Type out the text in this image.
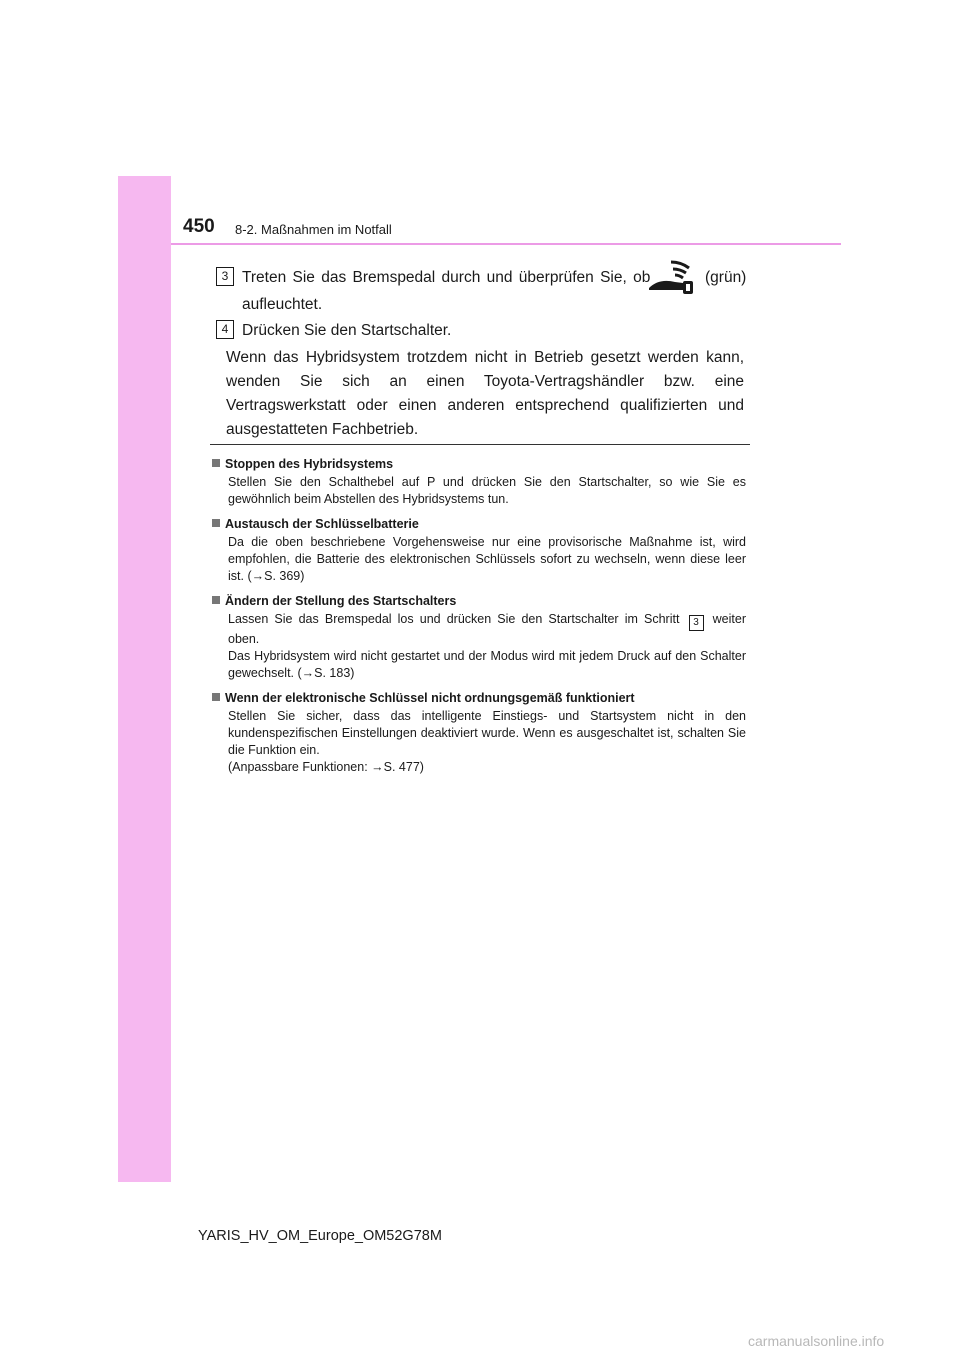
450 8-2. Maßnahmen im Notfall
3 Treten Sie das Bremspedal durch und überprüfen Sie, ob	(grün)
aufleuchtet.
4 Drücken Sie den Startschalter.
Wenn das Hybridsystem trotzdem nicht in Betrieb gesetzt werden kann, wenden Sie sich an einen Toyota-Vertragshändler bzw. eine Vertragswerkstatt oder einen anderen entsprechend qualifizierten und ausgestatteten Fachbetrieb.
Stoppen des Hybridsystems
Stellen Sie den Schalthebel auf P und drücken Sie den Startschalter, so wie Sie es gewöhnlich beim Abstellen des Hybridsystems tun.
Austausch der Schlüsselbatterie
Da die oben beschriebene Vorgehensweise nur eine provisorische Maßnahme ist, wird empfohlen, die Batterie des elektronischen Schlüssels sofort zu wechseln, wenn diese leer ist. (→S. 369)
Ändern der Stellung des Startschalters
Lassen Sie das Bremspedal los und drücken Sie den Startschalter im Schritt 3 weiter oben.
Das Hybridsystem wird nicht gestartet und der Modus wird mit jedem Druck auf den Schalter gewechselt. (→S. 183)
Wenn der elektronische Schlüssel nicht ordnungsgemäß funktioniert
Stellen Sie sicher, dass das intelligente Einstiegs- und Startsystem nicht in den kundenspezifischen Einstellungen deaktiviert wurde. Wenn es ausgeschaltet ist, schalten Sie die Funktion ein.
(Anpassbare Funktionen: →S. 477)
YARIS_HV_OM_Europe_OM52G78M
carmanualsonline.info
